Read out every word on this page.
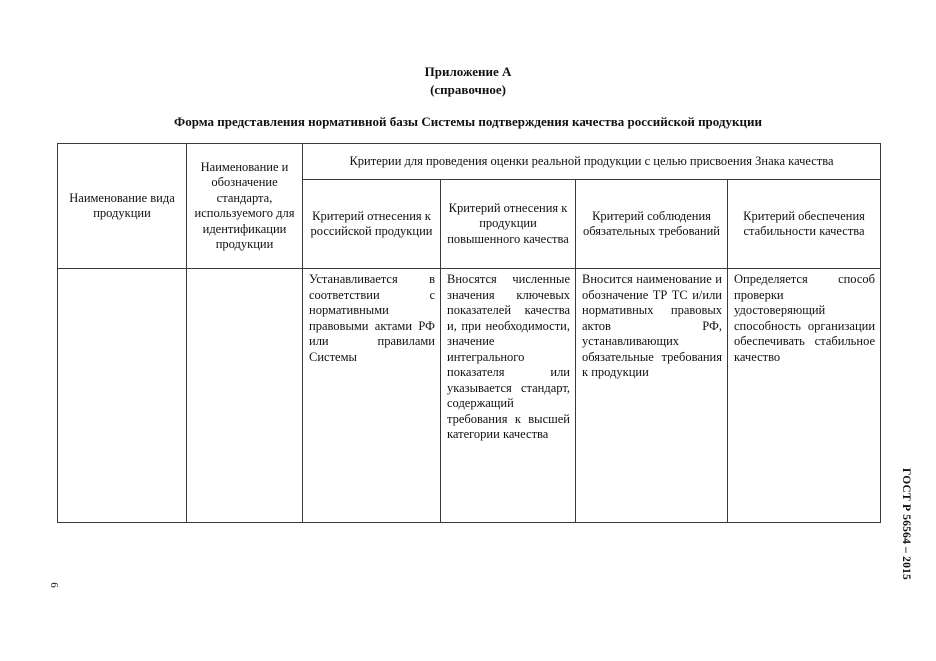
Приложение А
(справочное)
Форма представления нормативной базы Системы подтверждения качества российской продукции
Наименование вида продукции	Наименование и обозначение стандарта, используемого для идентификации продукции	Критерии для проведения оценки реальной продукции с целью присвоения Знака качества			
		Критерий отнесения к российской продукции	Критерий отнесения к продукции повышенного качества	Критерий соблюдения обязательных требований	Критерий обеспечения стабильности качества
		Устанавливается в соответствии с нормативными правовыми актами РФ или правилами Системы	Вносятся численные значения ключевых показателей качества и, при необходимости, значение интегрального показателя или указывается стандарт, содержащий требования к высшей категории качества	Вносится наименование и обозначение ТР ТС и/или нормативных правовых актов РФ, устанавливающих обязательные требования к продукции	Определяется способ проверки удостоверяющий способность организации обеспечивать стабильное качество
ГОСТ Р 56564 – 2015
6
